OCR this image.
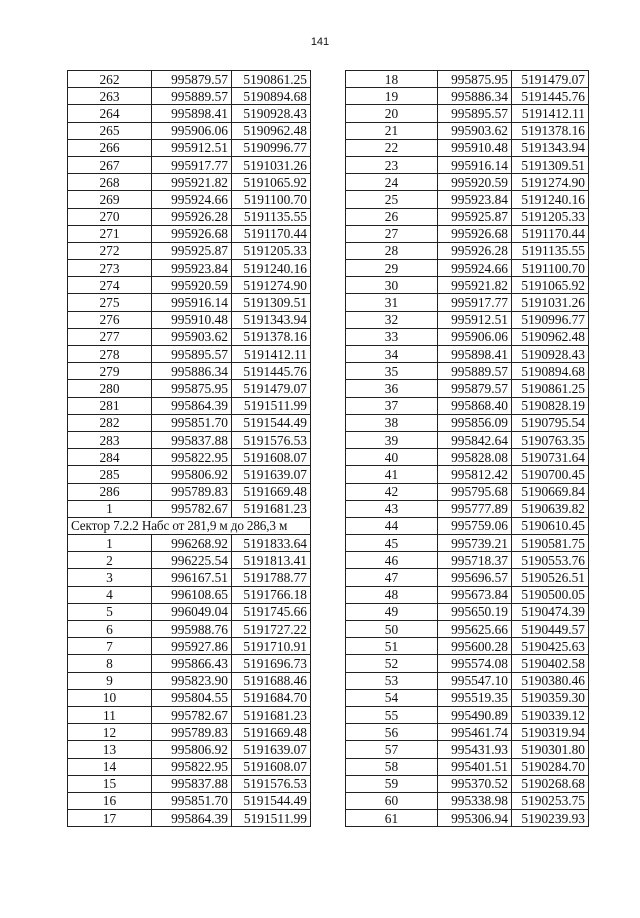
141
262	995879.57	5190861.25
263	995889.57	5190894.68
264	995898.41	5190928.43
265	995906.06	5190962.48
266	995912.51	5190996.77
267	995917.77	5191031.26
268	995921.82	5191065.92
269	995924.66	5191100.70
270	995926.28	5191135.55
271	995926.68	5191170.44
272	995925.87	5191205.33
273	995923.84	5191240.16
274	995920.59	5191274.90
275	995916.14	5191309.51
276	995910.48	5191343.94
277	995903.62	5191378.16
278	995895.57	5191412.11
279	995886.34	5191445.76
280	995875.95	5191479.07
281	995864.39	5191511.99
282	995851.70	5191544.49
283	995837.88	5191576.53
284	995822.95	5191608.07
285	995806.92	5191639.07
286	995789.83	5191669.48
1	995782.67	5191681.23
Сектор 7.2.2 Набс от 281,9 м до 286,3 м		
1	996268.92	5191833.64
2	996225.54	5191813.41
3	996167.51	5191788.77
4	996108.65	5191766.18
5	996049.04	5191745.66
6	995988.76	5191727.22
7	995927.86	5191710.91
8	995866.43	5191696.73
9	995823.90	5191688.46
10	995804.55	5191684.70
11	995782.67	5191681.23
12	995789.83	5191669.48
13	995806.92	5191639.07
14	995822.95	5191608.07
15	995837.88	5191576.53
16	995851.70	5191544.49
17	995864.39	5191511.99
18	995875.95	5191479.07
19	995886.34	5191445.76
20	995895.57	5191412.11
21	995903.62	5191378.16
22	995910.48	5191343.94
23	995916.14	5191309.51
24	995920.59	5191274.90
25	995923.84	5191240.16
26	995925.87	5191205.33
27	995926.68	5191170.44
28	995926.28	5191135.55
29	995924.66	5191100.70
30	995921.82	5191065.92
31	995917.77	5191031.26
32	995912.51	5190996.77
33	995906.06	5190962.48
34	995898.41	5190928.43
35	995889.57	5190894.68
36	995879.57	5190861.25
37	995868.40	5190828.19
38	995856.09	5190795.54
39	995842.64	5190763.35
40	995828.08	5190731.64
41	995812.42	5190700.45
42	995795.68	5190669.84
43	995777.89	5190639.82
44	995759.06	5190610.45
45	995739.21	5190581.75
46	995718.37	5190553.76
47	995696.57	5190526.51
48	995673.84	5190500.05
49	995650.19	5190474.39
50	995625.66	5190449.57
51	995600.28	5190425.63
52	995574.08	5190402.58
53	995547.10	5190380.46
54	995519.35	5190359.30
55	995490.89	5190339.12
56	995461.74	5190319.94
57	995431.93	5190301.80
58	995401.51	5190284.70
59	995370.52	5190268.68
60	995338.98	5190253.75
61	995306.94	5190239.93
